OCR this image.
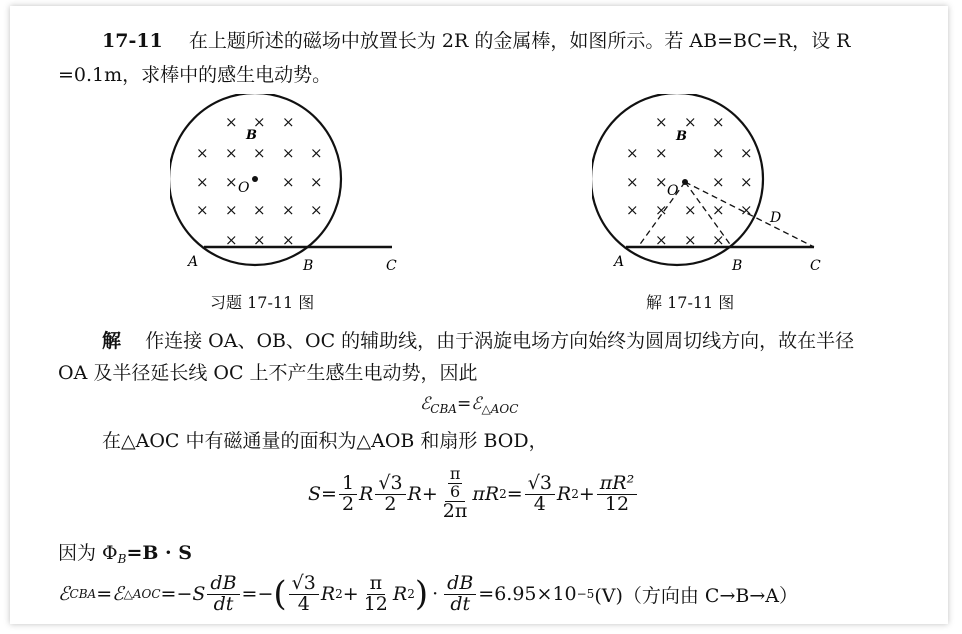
17-11 在上题所述的磁场中放置长为 2R 的金属棒，如图所示。若 AB=BC=R，设 R
=0.1m，求棒中的感生电动势。
× × ×
× × × × ×
× ×	× ×
× × × × ×
× × ×
B
O
A	B	C
习题 17-11 图
× × ×
× ×	× ×
× ×	× ×
× × × × ×
× × ×
B
O
A	B	C
D
解 17-11 图
解 作连接 OA、OB、OC 的辅助线，由于涡旋电场方向始终为圆周切线方向，故在半径
OA 及半径延长线 OC 上不产生感生电动势，因此
ℰ$_{CBA}$=ℰ$_{\triangle AOC}$
在△AOC 中有磁通量的面积为△AOB 和扇形 BOD，
$S= \frac{1}{2}$ R $\frac{√3}{2} R+ \pi$
6
2π πR $2 = \frac{√3}{4}$ R $2 + \frac{\text{πR²}}{12}$
因为 $\Phi_B=B \cdot S$
ℰ CBA =ℰ △AOC $=-S \frac{dB}{dt}$ =− ( $\frac{√3}{4}$ R $2 + \frac{\pi}{12}$ R 2 ) · $\frac{dB}{dt} =6.95\times 10 -5$ (V)（方向由 C→B→A）
